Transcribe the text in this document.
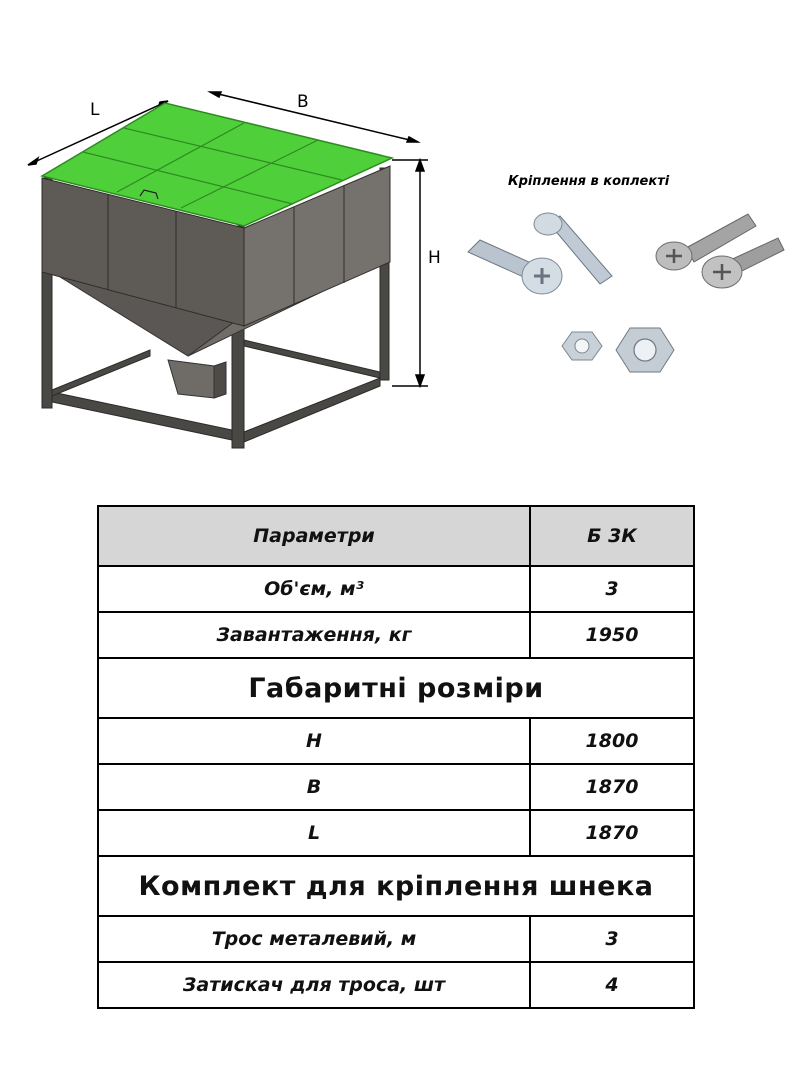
L	B
H
Кріплення в коплекті
Параметри	Б 3К
Об'єм, м³	3
Завантаження, кг	1950
Габаритні розміри	
H	1800
B	1870
L	1870
Комплект для кріплення шнека	
Трос металевий, м	3
Затискач для троса, шт	4
